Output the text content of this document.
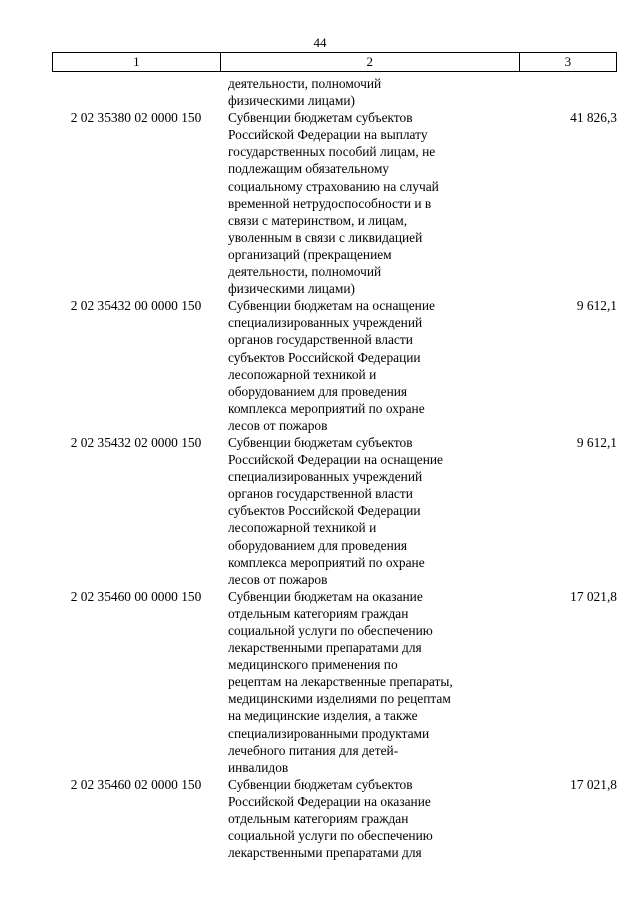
44
1	2	3
деятельности, полномочий
физическими лицами)
2 02 35380 02 0000 150	Субвенции бюджетам субъектов
Российской Федерации на выплату
государственных пособий лицам, не
подлежащим обязательному
социальному страхованию на случай
временной нетрудоспособности и в
связи с материнством, и лицам,
уволенным в связи с ликвидацией
организаций (прекращением
деятельности, полномочий
физическими лицами)
41 826,3
2 02 35432 00 0000 150	Субвенции бюджетам на оснащение
специализированных учреждений
органов государственной власти
субъектов Российской Федерации
лесопожарной техникой и
оборудованием для проведения
комплекса мероприятий по охране
лесов от пожаров
9 612,1
2 02 35432 02 0000 150	Субвенции бюджетам субъектов
Российской Федерации на оснащение
специализированных учреждений
органов государственной власти
субъектов Российской Федерации
лесопожарной техникой и
оборудованием для проведения
комплекса мероприятий по охране
лесов от пожаров
9 612,1
2 02 35460 00 0000 150	Субвенции бюджетам на оказание
отдельным категориям граждан
социальной услуги по обеспечению
лекарственными препаратами для
медицинского применения по
рецептам на лекарственные препараты,
медицинскими изделиями по рецептам
на медицинские изделия, а также
специализированными продуктами
лечебного питания для детей-
инвалидов
17 021,8
2 02 35460 02 0000 150	Субвенции бюджетам субъектов
Российской Федерации на оказание
отдельным категориям граждан
социальной услуги по обеспечению
лекарственными препаратами для
17 021,8
